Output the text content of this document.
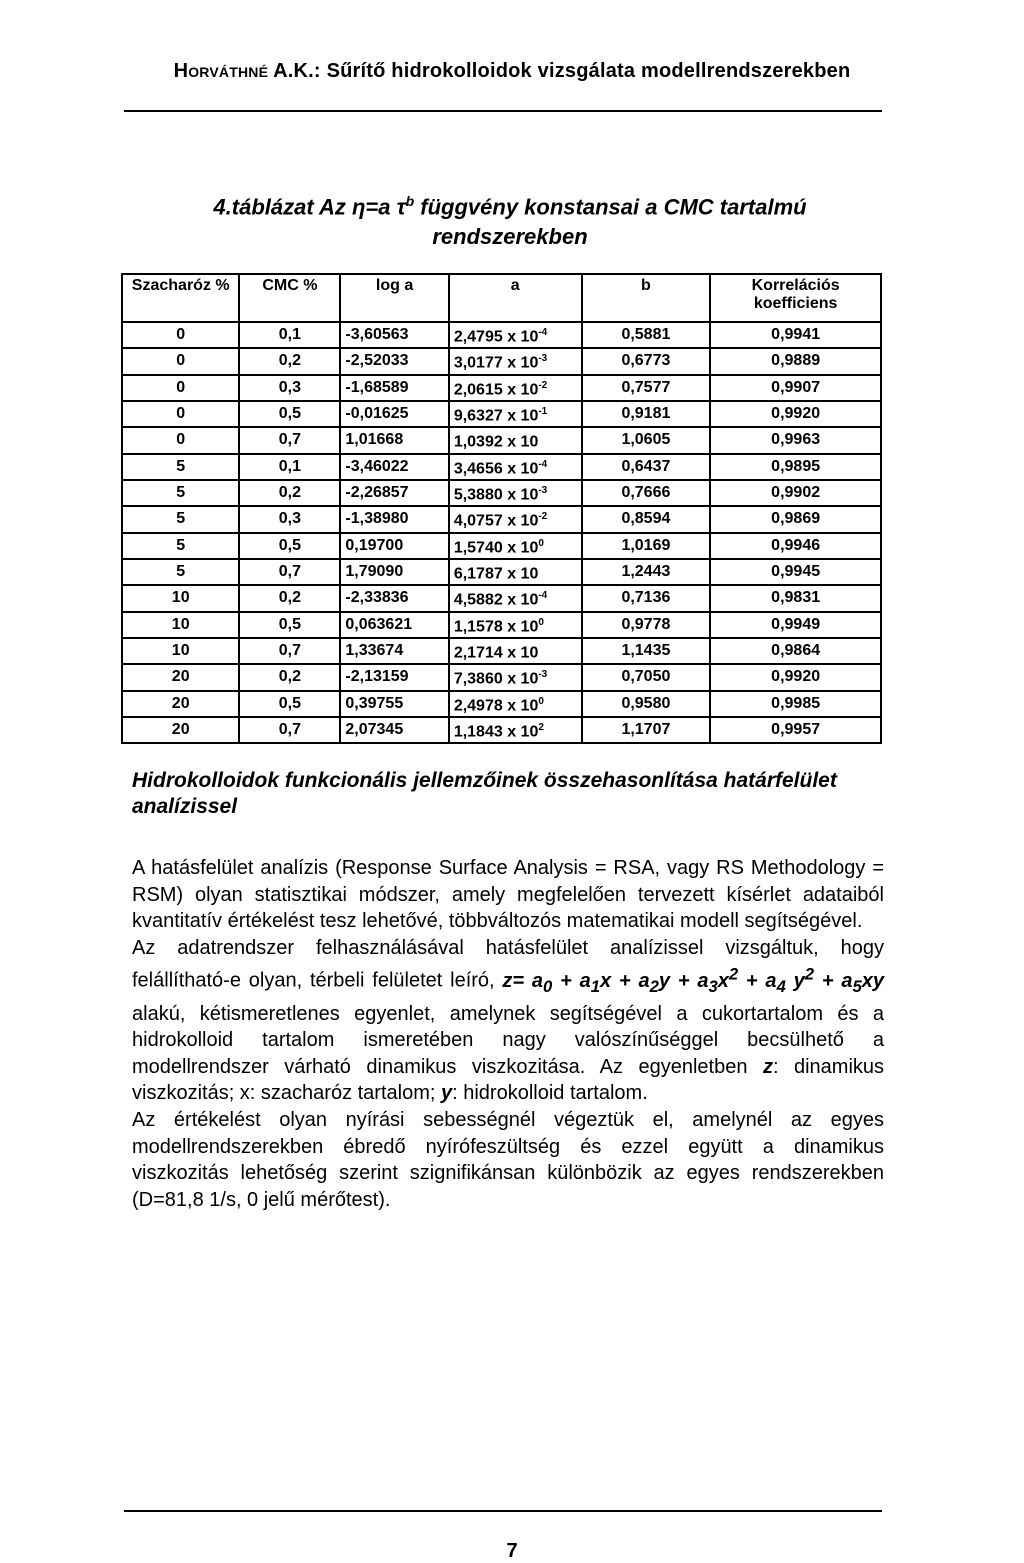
Horváthné A.K.: Sűrítő hidrokolloidok vizsgálata modellrendszerekben
4.táblázat Az η=a $\tau^b$ függvény konstansai a CMC tartalmú
rendszerekben
Szacharóz %	CMC %	log a	a	b	Korrelációs koefficiens
0	0,1	-3,60563	2,4795 x $10^{-4}$	0,5881	0,9941
0	0,2	-2,52033	3,0177 x $10^{-3}$	0,6773	0,9889
0	0,3	-1,68589	2,0615 x $10^{-2}$	0,7577	0,9907
0	0,5	-0,01625	9,6327 x $10^{-1}$	0,9181	0,9920
0	0,7	1,01668	1,0392 x 10	1,0605	0,9963
5	0,1	-3,46022	3,4656 x $10^{-4}$	0,6437	0,9895
5	0,2	-2,26857	5,3880 x $10^{-3}$	0,7666	0,9902
5	0,3	-1,38980	4,0757 x $10^{-2}$	0,8594	0,9869
5	0,5	0,19700	1,5740 x $10^0$	1,0169	0,9946
5	0,7	1,79090	6,1787 x 10	1,2443	0,9945
10	0,2	-2,33836	4,5882 x $10^{-4}$	0,7136	0,9831
10	0,5	0,063621	1,1578 x $10^0$	0,9778	0,9949
10	0,7	1,33674	2,1714 x 10	1,1435	0,9864
20	0,2	-2,13159	7,3860 x $10^{-3}$	0,7050	0,9920
20	0,5	0,39755	2,4978 x $10^0$	0,9580	0,9985
20	0,7	2,07345	1,1843 x $10^2$	1,1707	0,9957
Hidrokolloidok funkcionális jellemzőinek összehasonlítása határfelület analízissel

A hatásfelület analízis (Response Surface Analysis = RSA, vagy RS Methodology = RSM) olyan statisztikai módszer, amely megfelelően tervezett kísérlet adataiból kvantitatív értékelést tesz lehetővé, többváltozós matematikai modell segítségével.

Az adatrendszer felhasználásával hatásfelület analízissel vizsgáltuk, hogy felállítható-e olyan, térbeli felületet leíró, $z= a_0 + a_1x + a_2y + a_3x^2 + a_4$ $y^2 + a_5xy$ alakú, kétismeretlenes egyenlet, amelynek segítségével a cukortartalom és a hidrokolloid tartalom ismeretében nagy valószínűséggel becsülhető a modellrendszer várható dinamikus viszkozitása. Az egyenletben z: dinamikus viszkozitás; x: szacharóz tartalom; y: hidrokolloid tartalom.

Az értékelést olyan nyírási sebességnél végeztük el, amelynél az egyes modellrendszerekben ébredő nyírófeszültség és ezzel együtt a dinamikus viszkozitás lehetőség szerint szignifikánsan különbözik az egyes rendszerekben (D=81,8 1/s, 0 jelű mérőtest).

7
